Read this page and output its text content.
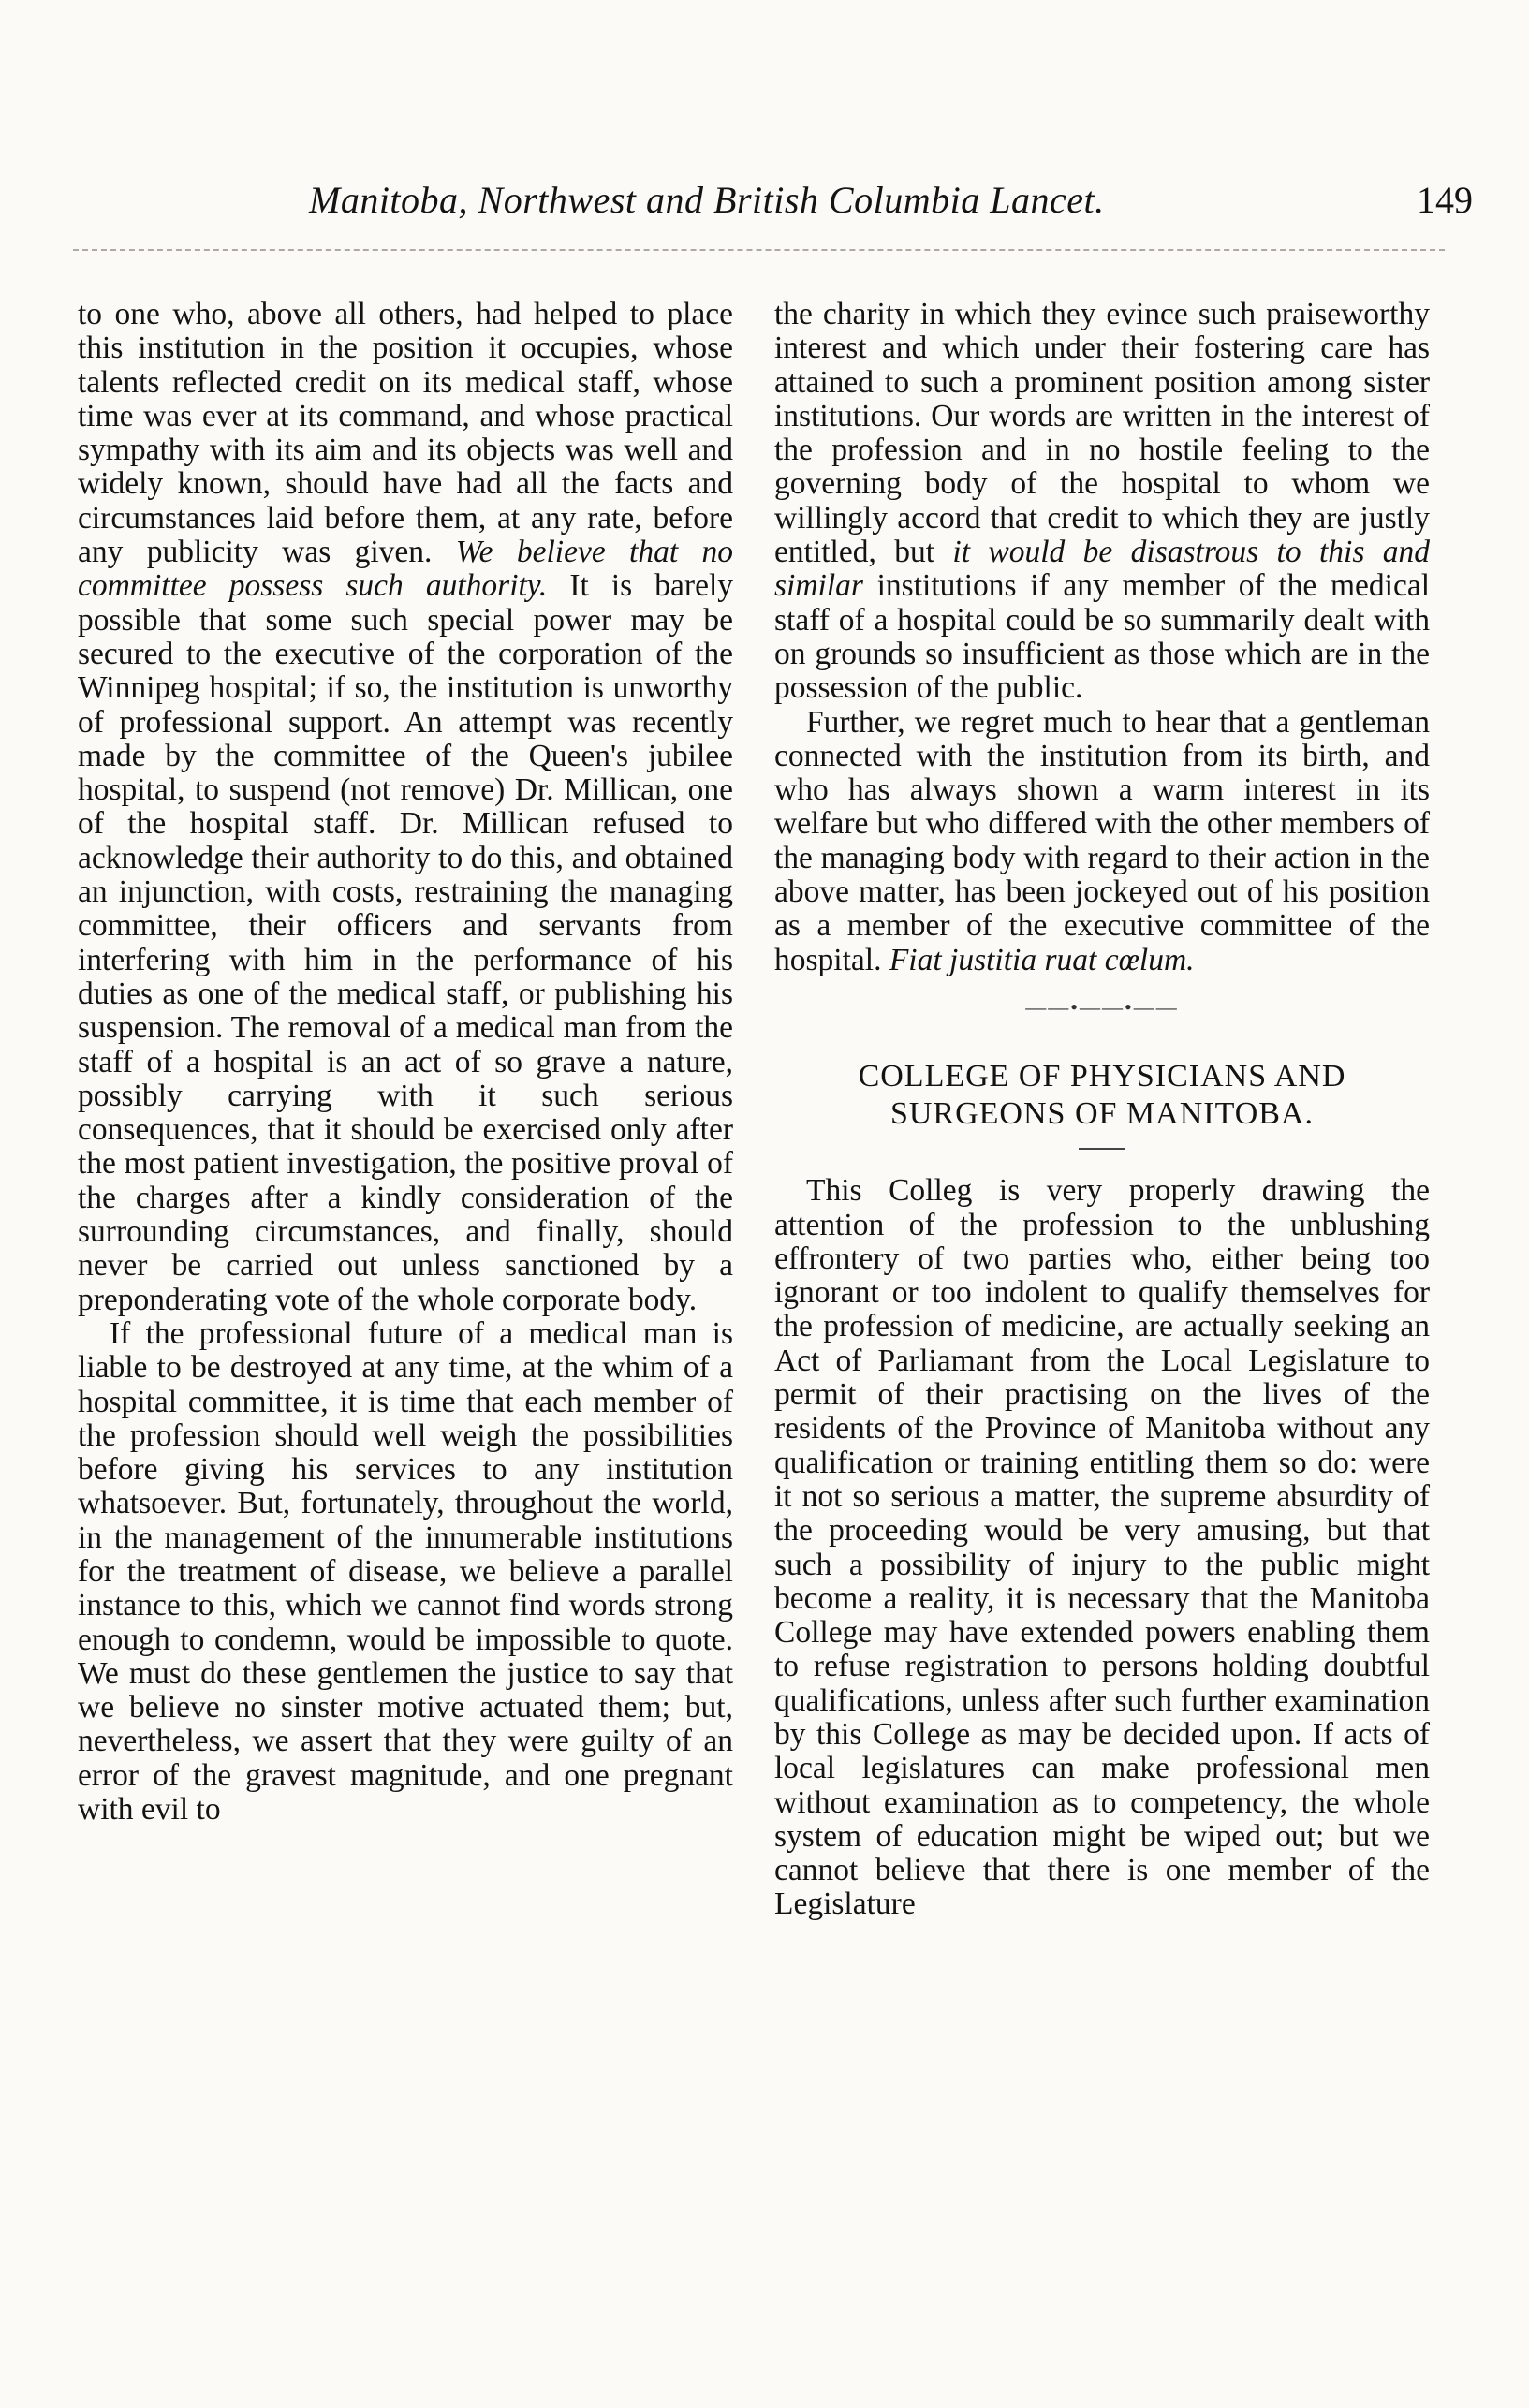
Manitoba, Northwest and British Columbia Lancet.	149

to one who, above all others, had helped to place this institution in the position it occupies, whose talents reflected credit on its medical staff, whose time was ever at its command, and whose practical sympathy with its aim and its objects was well and widely known, should have had all the facts and circumstances laid before them, at any rate, before any publicity was given. We believe that no committee possess such authority. It is barely possible that some such special power may be secured to the executive of the corporation of the Winnipeg hospital; if so, the institution is unworthy of professional support. An attempt was recently made by the committee of the Queen's jubilee hospital, to suspend (not remove) Dr. Millican, one of the hospital staff. Dr. Millican refused to acknowledge their authority to do this, and obtained an injunction, with costs, restraining the managing committee, their officers and servants from interfering with him in the performance of his duties as one of the medical staff, or publishing his suspension. The removal of a medical man from the staff of a hospital is an act of so grave a nature, possibly carrying with it such serious consequences, that it should be exercised only after the most patient investigation, the positive proval of the charges after a kindly consideration of the surrounding circumstances, and finally, should never be carried out unless sanctioned by a preponderating vote of the whole corporate body.

If the professional future of a medical man is liable to be destroyed at any time, at the whim of a hospital committee, it is time that each member of the profession should well weigh the possibilities before giving his services to any institution whatsoever. But, fortunately, throughout the world, in the management of the innumerable institutions for the treatment of disease, we believe a parallel instance to this, which we cannot find words strong enough to condemn, would be impossible to quote. We must do these gentlemen the justice to say that we believe no sinster motive actuated them; but, nevertheless, we assert that they were guilty of an error of the gravest magnitude, and one pregnant with evil to

the charity in which they evince such praiseworthy interest and which under their fostering care has attained to such a prominent position among sister institutions. Our words are written in the interest of the profession and in no hostile feeling to the governing body of the hospital to whom we willingly accord that credit to which they are justly entitled, but it would be disastrous to this and similar institutions if any member of the medical staff of a hospital could be so summarily dealt with on grounds so insufficient as those which are in the possession of the public.

Further, we regret much to hear that a gentleman connected with the institution from its birth, and who has always shown a warm interest in its welfare but who differed with the other members of the managing body with regard to their action in the above matter, has been jockeyed out of his position as a member of the executive committee of the hospital. Fiat justitia ruat cœlum.

——•——•——
COLLEGE OF PHYSICIANS AND
SURGEONS OF MANITOBA.

This Colleg is very properly drawing the attention of the profession to the unblushing effrontery of two parties who, either being too ignorant or too indolent to qualify themselves for the profession of medicine, are actually seeking an Act of Parliamant from the Local Legislature to permit of their practising on the lives of the residents of the Province of Manitoba without any qualification or training entitling them so do: were it not so serious a matter, the supreme absurdity of the proceeding would be very amusing, but that such a possibility of injury to the public might become a reality, it is necessary that the Manitoba College may have extended powers enabling them to refuse registration to persons holding doubtful qualifications, unless after such further examination by this College as may be decided upon. If acts of local legislatures can make professional men without examination as to competency, the whole system of education might be wiped out; but we cannot believe that there is one member of the Legislature
